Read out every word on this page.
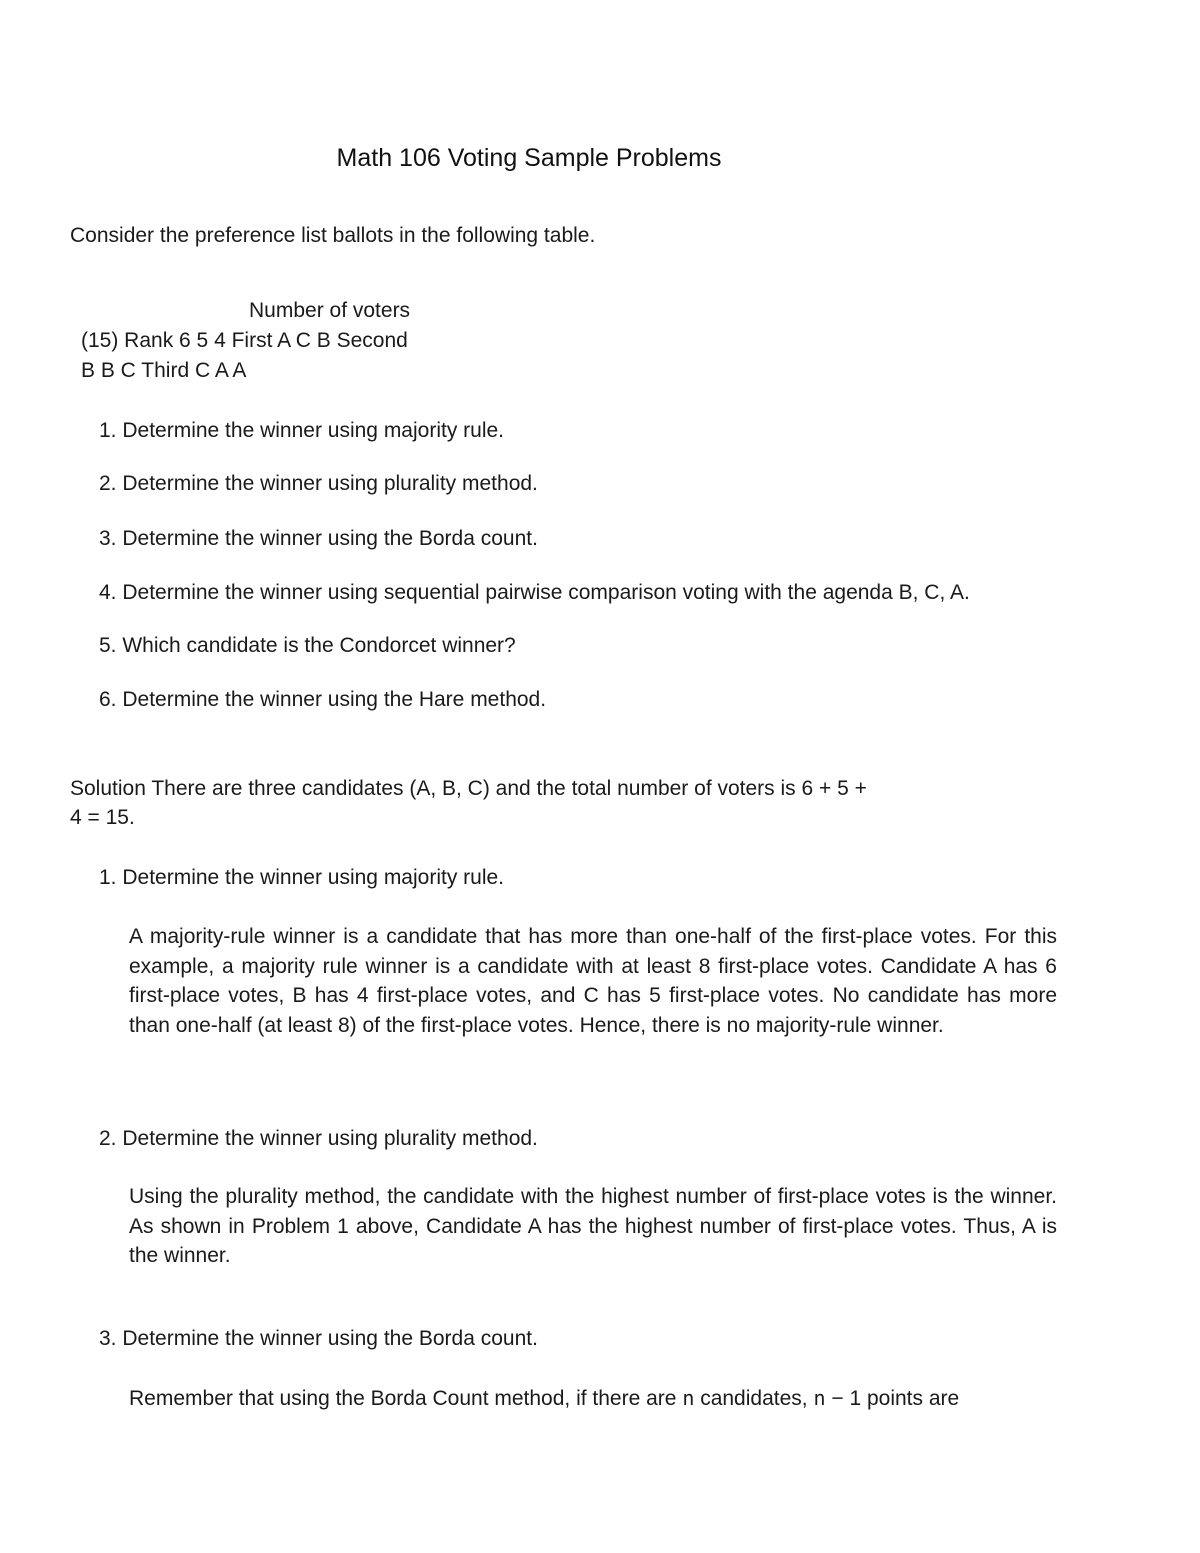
Math 106 Voting Sample Problems
Consider the preference list ballots in the following table.
Number of voters
(15) Rank 6 5 4 First A C B Second
B B C Third C A A
1. Determine the winner using majority rule.
2. Determine the winner using plurality method.
3. Determine the winner using the Borda count.
4. Determine the winner using sequential pairwise comparison voting with the agenda B, C, A.
5. Which candidate is the Condorcet winner?
6. Determine the winner using the Hare method.
Solution There are three candidates (A, B, C) and the total number of voters is 6 + 5 +
4 = 15.
1. Determine the winner using majority rule.
A majority-rule winner is a candidate that has more than one-half of the first-place votes. For this example, a majority rule winner is a candidate with at least 8 first-place votes. Candidate A has 6 first-place votes, B has 4 first-place votes, and C has 5 first-place votes. No candidate has more than one-half (at least 8) of the first-place votes. Hence, there is no majority-rule winner.
2. Determine the winner using plurality method.
Using the plurality method, the candidate with the highest number of first-place votes is the winner. As shown in Problem 1 above, Candidate A has the highest number of first-place votes. Thus, A is the winner.
3. Determine the winner using the Borda count.
Remember that using the Borda Count method, if there are n candidates, n − 1 points are
